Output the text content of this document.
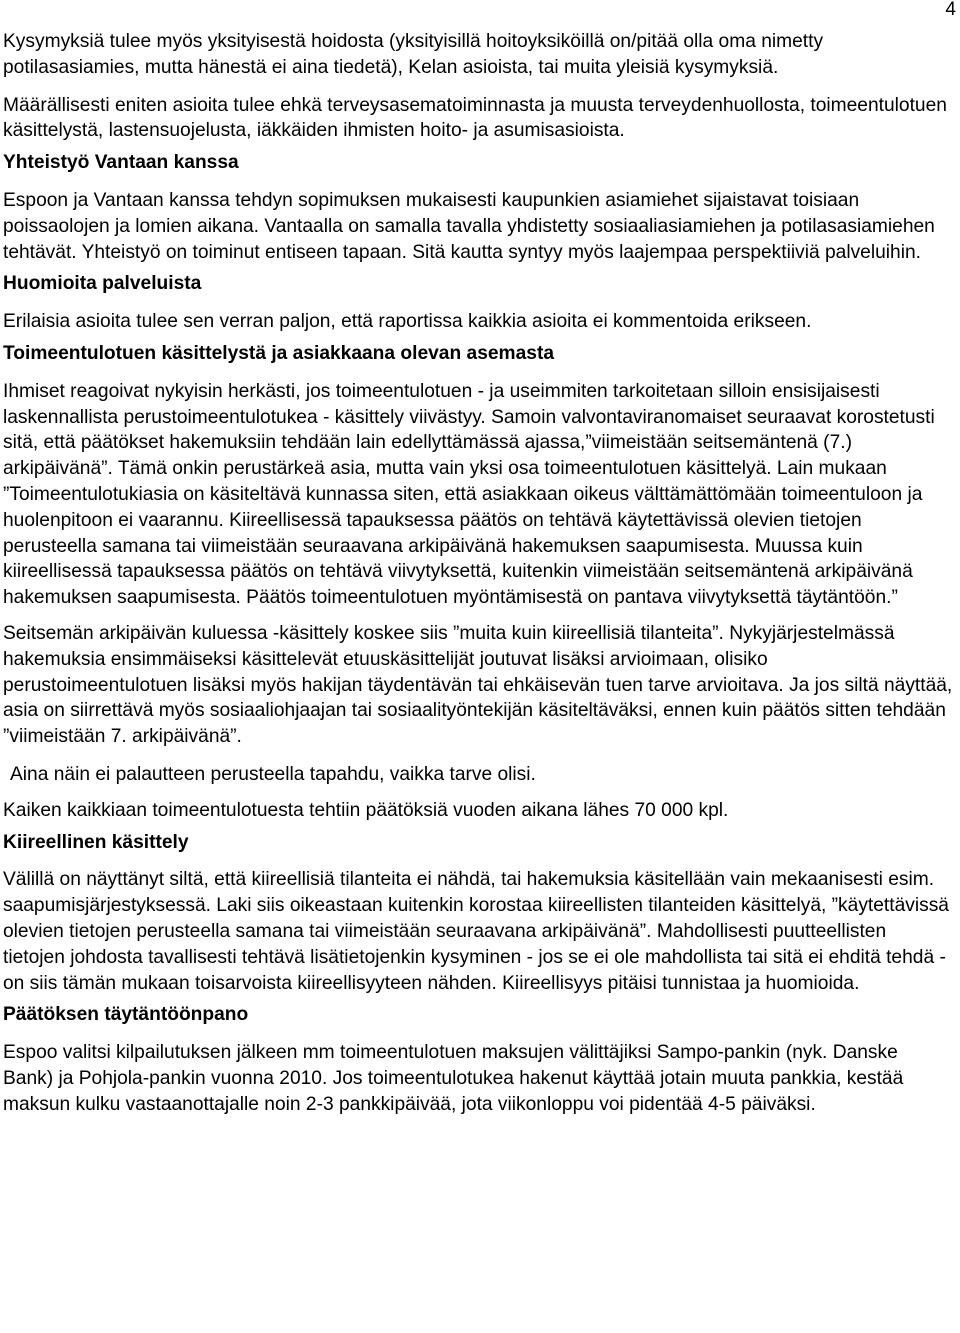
4

Kysymyksiä tulee myös yksityisestä hoidosta (yksityisillä hoitoyksiköillä on/pitää olla oma nimetty potilasasiamies, mutta hänestä ei aina tiedetä), Kelan asioista, tai muita yleisiä kysymyksiä.

Määrällisesti eniten asioita tulee ehkä terveysasematoiminnasta ja muusta terveydenhuollosta, toimeentulotuen käsittelystä, lastensuojelusta, iäkkäiden ihmisten hoito- ja asumisasioista.

Yhteistyö Vantaan kanssa

Espoon ja Vantaan kanssa tehdyn sopimuksen mukaisesti kaupunkien asiamiehet sijaistavat toisiaan poissaolojen ja lomien aikana. Vantaalla on samalla tavalla yhdistetty sosiaaliasiamiehen ja potilasasiamiehen tehtävät. Yhteistyö on toiminut entiseen tapaan. Sitä kautta syntyy myös laajempaa perspektiiviä palveluihin.

Huomioita palveluista

Erilaisia asioita tulee sen verran paljon, että raportissa kaikkia asioita ei kommentoida erikseen.

Toimeentulotuen käsittelystä ja asiakkaana olevan asemasta

Ihmiset reagoivat nykyisin herkästi, jos toimeentulotuen - ja useimmiten tarkoitetaan silloin ensisijaisesti laskennallista perustoimeentulotukea - käsittely viivästyy. Samoin valvontaviranomaiset seuraavat korostetusti sitä, että päätökset hakemuksiin tehdään lain edellyttämässä ajassa,”viimeistään seitsemäntenä (7.) arkipäivänä”. Tämä onkin perustärkeä asia, mutta vain yksi osa toimeentulotuen käsittelyä. Lain mukaan ”Toimeentulotukiasia on käsiteltävä kunnassa siten, että asiakkaan oikeus välttämättömään toimeentuloon ja huolenpitoon ei vaarannu. Kiireellisessä tapauksessa päätös on tehtävä käytettävissä olevien tietojen perusteella samana tai viimeistään seuraavana arkipäivänä hakemuksen saapumisesta. Muussa kuin kiireellisessä tapauksessa päätös on tehtävä viivytyksettä, kuitenkin viimeistään seitsemäntenä arkipäivänä hakemuksen saapumisesta. Päätös toimeentulotuen myöntämisestä on pantava viivytyksettä täytäntöön.”

Seitsemän arkipäivän kuluessa -käsittely koskee siis ”muita kuin kiireellisiä tilanteita”. Nykyjärjestelmässä hakemuksia ensimmäiseksi käsittelevät etuuskäsittelijät joutuvat lisäksi arvioimaan, olisiko perustoimeentulotuen lisäksi myös hakijan täydentävän tai ehkäisevän tuen tarve arvioitava. Ja jos siltä näyttää, asia on siirrettävä myös sosiaaliohjaajan tai sosiaalityöntekijän käsiteltäväksi, ennen kuin päätös sitten tehdään ”viimeistään 7. arkipäivänä”.

Aina näin ei palautteen perusteella tapahdu, vaikka tarve olisi.

Kaiken kaikkiaan toimeentulotuesta tehtiin päätöksiä vuoden aikana lähes 70 000 kpl.

Kiireellinen käsittely

Välillä on näyttänyt siltä, että kiireellisiä tilanteita ei nähdä, tai hakemuksia käsitellään vain mekaanisesti esim. saapumisjärjestyksessä. Laki siis oikeastaan kuitenkin korostaa kiireellisten tilanteiden käsittelyä, ”käytettävissä olevien tietojen perusteella samana tai viimeistään seuraavana arkipäivänä”. Mahdollisesti puutteellisten tietojen johdosta tavallisesti tehtävä lisätietojenkin kysyminen - jos se ei ole mahdollista tai sitä ei ehditä tehdä - on siis tämän mukaan toisarvoista kiireellisyyteen nähden. Kiireellisyys pitäisi tunnistaa ja huomioida.

Päätöksen täytäntöönpano

Espoo valitsi kilpailutuksen jälkeen mm toimeentulotuen maksujen välittäjiksi Sampo-pankin (nyk. Danske Bank) ja Pohjola-pankin vuonna 2010. Jos toimeentulotukea hakenut käyttää jotain muuta pankkia, kestää maksun kulku vastaanottajalle noin 2-3 pankkipäivää, jota viikonloppu voi pidentää 4-5 päiväksi.
